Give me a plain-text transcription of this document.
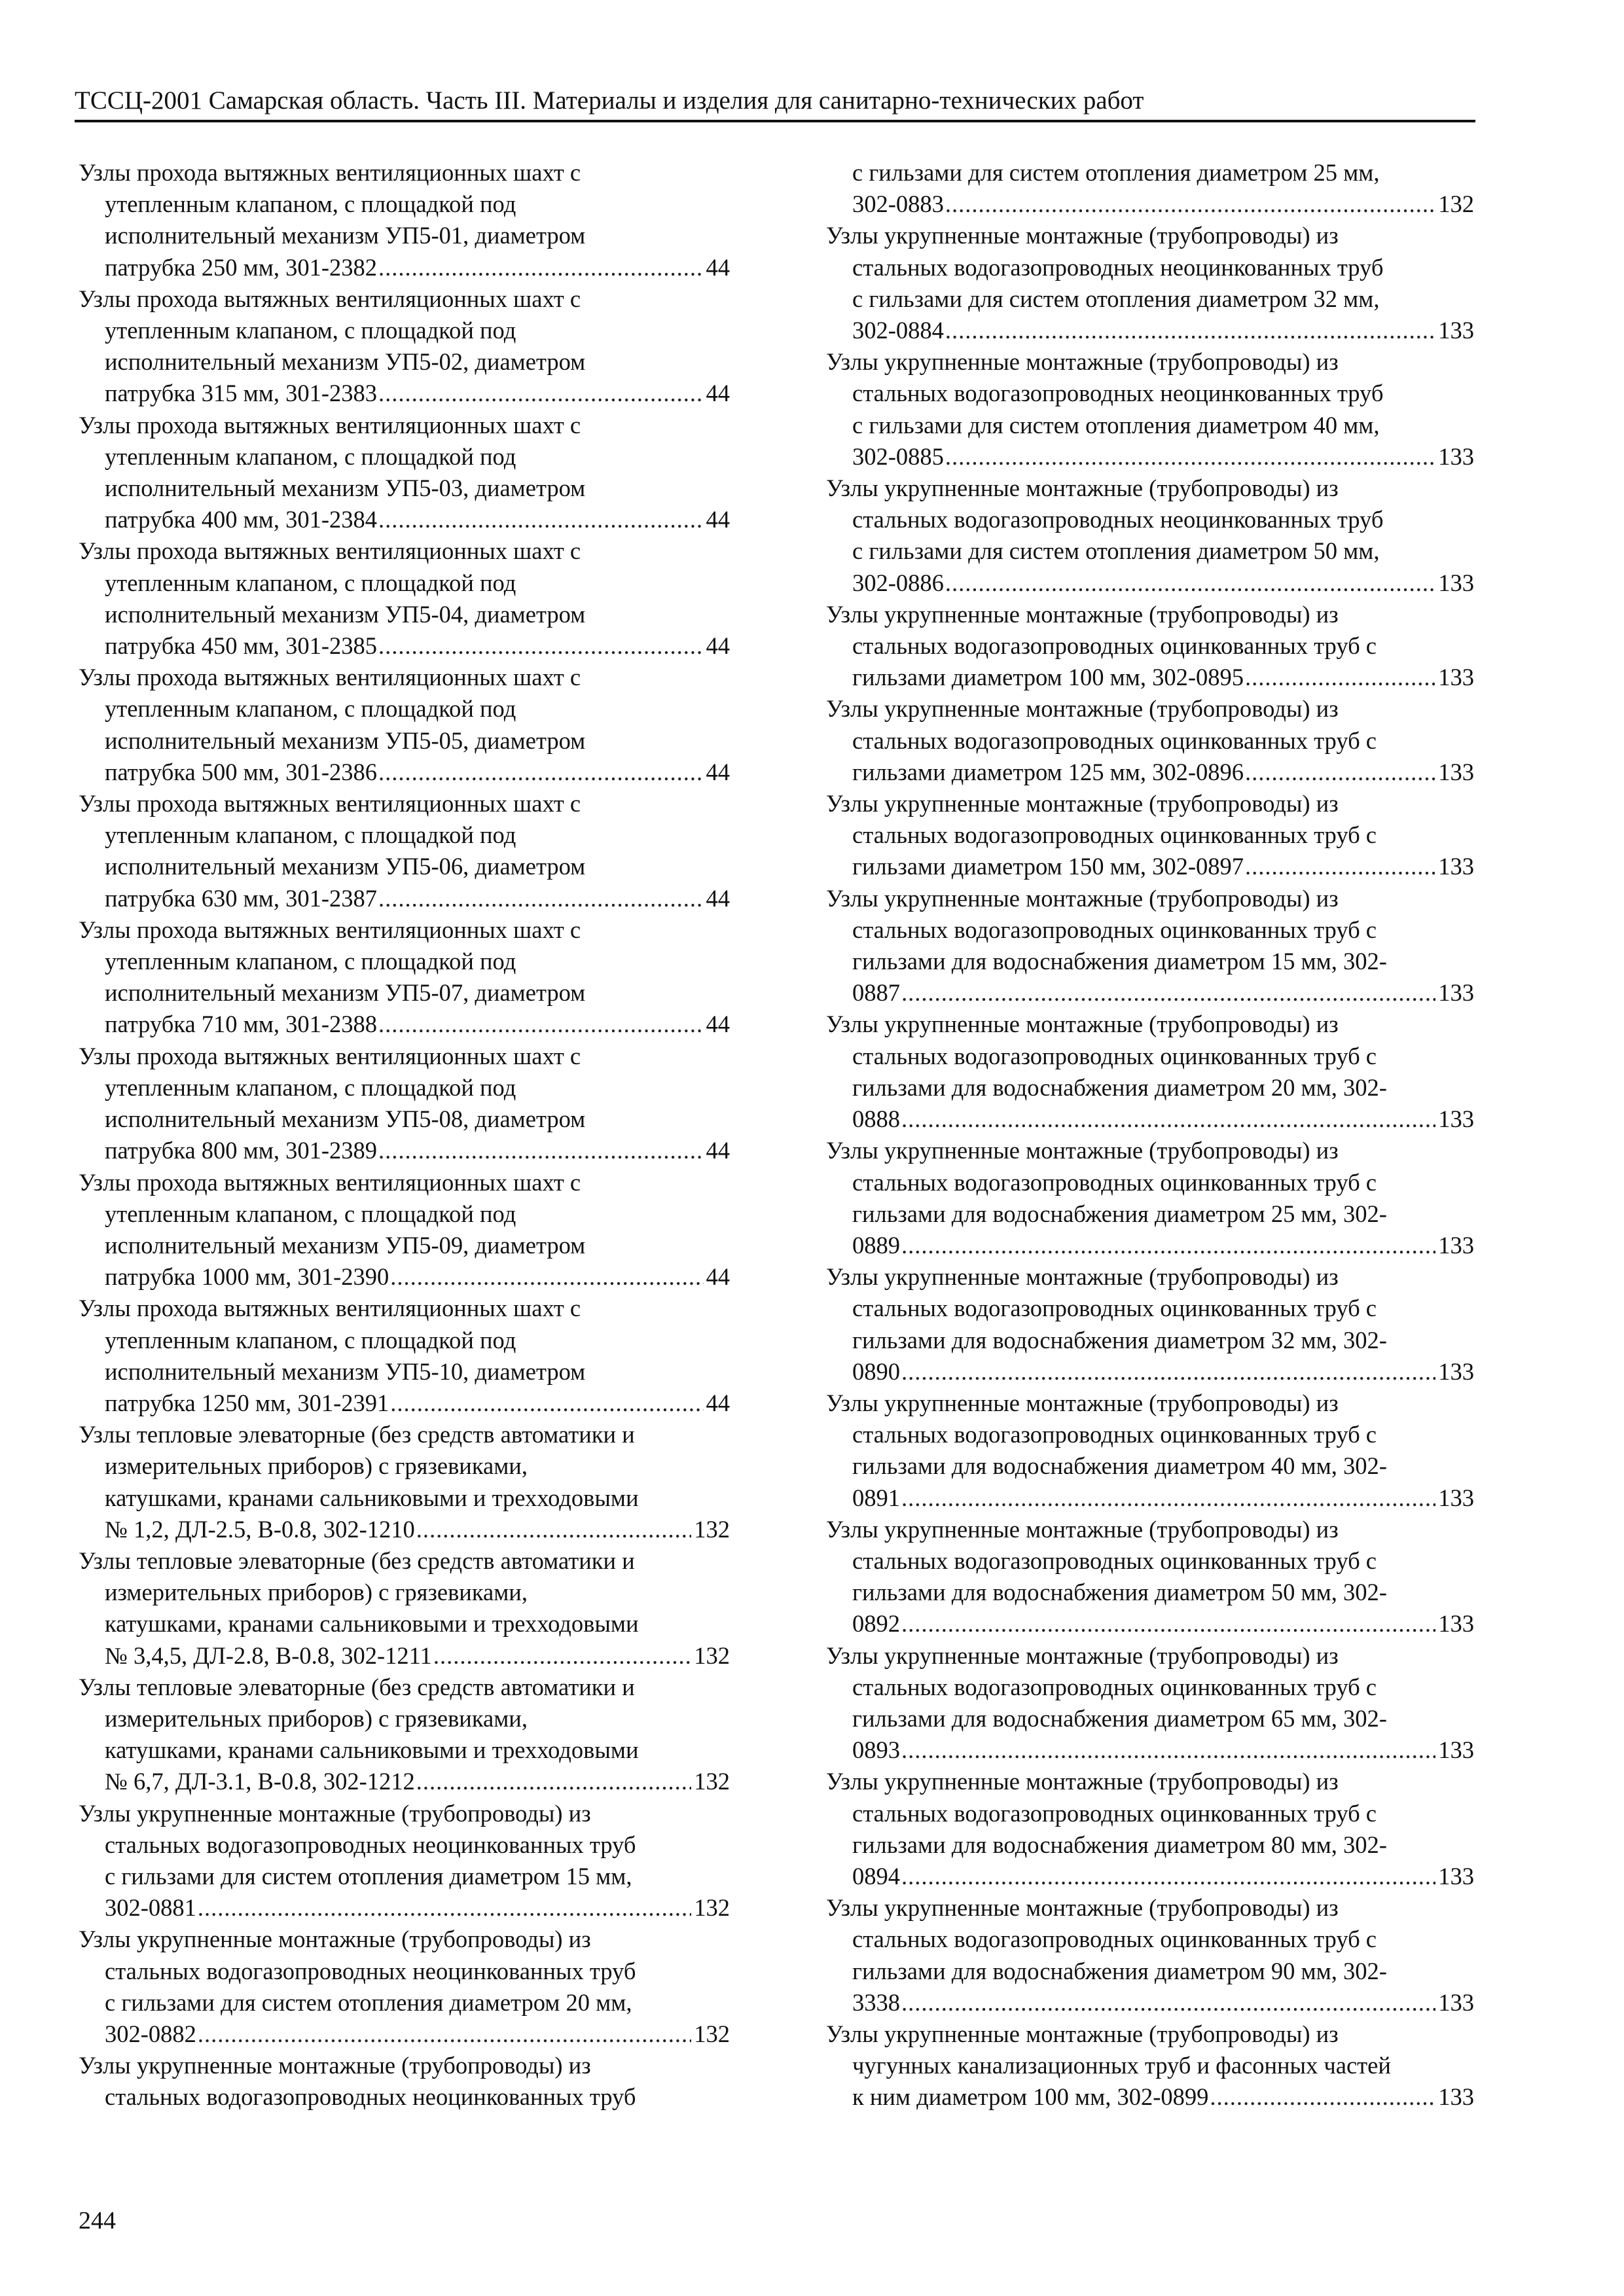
ТССЦ-2001 Самарская область. Часть III. Материалы и изделия для санитарно-технических работ
Узлы прохода вытяжных вентиляционных шахт с
утепленным клапаном, с площадкой под
исполнительный механизм УП5-01, диаметром
патрубка 250 мм, 301-2382 .....	44
Узлы прохода вытяжных вентиляционных шахт с
утепленным клапаном, с площадкой под
исполнительный механизм УП5-02, диаметром
патрубка 315 мм, 301-2383 .....	44
Узлы прохода вытяжных вентиляционных шахт с
утепленным клапаном, с площадкой под
исполнительный механизм УП5-03, диаметром
патрубка 400 мм, 301-2384 .....	44
Узлы прохода вытяжных вентиляционных шахт с
утепленным клапаном, с площадкой под
исполнительный механизм УП5-04, диаметром
патрубка 450 мм, 301-2385 .....	44
Узлы прохода вытяжных вентиляционных шахт с
утепленным клапаном, с площадкой под
исполнительный механизм УП5-05, диаметром
патрубка 500 мм, 301-2386 .....	44
Узлы прохода вытяжных вентиляционных шахт с
утепленным клапаном, с площадкой под
исполнительный механизм УП5-06, диаметром
патрубка 630 мм, 301-2387 .....	44
Узлы прохода вытяжных вентиляционных шахт с
утепленным клапаном, с площадкой под
исполнительный механизм УП5-07, диаметром
патрубка 710 мм, 301-2388 .....	44
Узлы прохода вытяжных вентиляционных шахт с
утепленным клапаном, с площадкой под
исполнительный механизм УП5-08, диаметром
патрубка 800 мм, 301-2389 .....	44
Узлы прохода вытяжных вентиляционных шахт с
утепленным клапаном, с площадкой под
исполнительный механизм УП5-09, диаметром
патрубка 1000 мм, 301-2390 .....	44
Узлы прохода вытяжных вентиляционных шахт с
утепленным клапаном, с площадкой под
исполнительный механизм УП5-10, диаметром
патрубка 1250 мм, 301-2391 .....	44
Узлы тепловые элеваторные (без средств автоматики и
измерительных приборов) с грязевиками,
катушками, кранами сальниковыми и трехходовыми
№ 1,2, ДЛ-2.5, В-0.8, 302-1210 .....	132
Узлы тепловые элеваторные (без средств автоматики и
измерительных приборов) с грязевиками,
катушками, кранами сальниковыми и трехходовыми
№ 3,4,5, ДЛ-2.8, В-0.8, 302-1211 .....	132
Узлы тепловые элеваторные (без средств автоматики и
измерительных приборов) с грязевиками,
катушками, кранами сальниковыми и трехходовыми
№ 6,7, ДЛ-3.1, В-0.8, 302-1212 .....	132
Узлы укрупненные монтажные (трубопроводы) из
стальных водогазопроводных неоцинкованных труб
с гильзами для систем отопления диаметром 15 мм,
302-0881 .....	132
Узлы укрупненные монтажные (трубопроводы) из
стальных водогазопроводных неоцинкованных труб
с гильзами для систем отопления диаметром 20 мм,
302-0882 .....	132
Узлы укрупненные монтажные (трубопроводы) из
стальных водогазопроводных неоцинкованных труб
с гильзами для систем отопления диаметром 25 мм,
302-0883 .....	132
Узлы укрупненные монтажные (трубопроводы) из
стальных водогазопроводных неоцинкованных труб
с гильзами для систем отопления диаметром 32 мм,
302-0884 .....	133
Узлы укрупненные монтажные (трубопроводы) из
стальных водогазопроводных неоцинкованных труб
с гильзами для систем отопления диаметром 40 мм,
302-0885 .....	133
Узлы укрупненные монтажные (трубопроводы) из
стальных водогазопроводных неоцинкованных труб
с гильзами для систем отопления диаметром 50 мм,
302-0886 .....	133
Узлы укрупненные монтажные (трубопроводы) из
стальных водогазопроводных оцинкованных труб с
гильзами диаметром 100 мм, 302-0895 .....	133
Узлы укрупненные монтажные (трубопроводы) из
стальных водогазопроводных оцинкованных труб с
гильзами диаметром 125 мм, 302-0896 .....	133
Узлы укрупненные монтажные (трубопроводы) из
стальных водогазопроводных оцинкованных труб с
гильзами диаметром 150 мм, 302-0897 .....	133
Узлы укрупненные монтажные (трубопроводы) из
стальных водогазопроводных оцинкованных труб с
гильзами для водоснабжения диаметром 15 мм, 302-
0887 .....	133
Узлы укрупненные монтажные (трубопроводы) из
стальных водогазопроводных оцинкованных труб с
гильзами для водоснабжения диаметром 20 мм, 302-
0888 .....	133
Узлы укрупненные монтажные (трубопроводы) из
стальных водогазопроводных оцинкованных труб с
гильзами для водоснабжения диаметром 25 мм, 302-
0889 .....	133
Узлы укрупненные монтажные (трубопроводы) из
стальных водогазопроводных оцинкованных труб с
гильзами для водоснабжения диаметром 32 мм, 302-
0890 .....	133
Узлы укрупненные монтажные (трубопроводы) из
стальных водогазопроводных оцинкованных труб с
гильзами для водоснабжения диаметром 40 мм, 302-
0891 .....	133
Узлы укрупненные монтажные (трубопроводы) из
стальных водогазопроводных оцинкованных труб с
гильзами для водоснабжения диаметром 50 мм, 302-
0892 .....	133
Узлы укрупненные монтажные (трубопроводы) из
стальных водогазопроводных оцинкованных труб с
гильзами для водоснабжения диаметром 65 мм, 302-
0893 .....	133
Узлы укрупненные монтажные (трубопроводы) из
стальных водогазопроводных оцинкованных труб с
гильзами для водоснабжения диаметром 80 мм, 302-
0894 .....	133
Узлы укрупненные монтажные (трубопроводы) из
стальных водогазопроводных оцинкованных труб с
гильзами для водоснабжения диаметром 90 мм, 302-
3338 .....	133
Узлы укрупненные монтажные (трубопроводы) из
чугунных канализационных труб и фасонных частей
к ним диаметром 100 мм, 302-0899 .....	133
244
